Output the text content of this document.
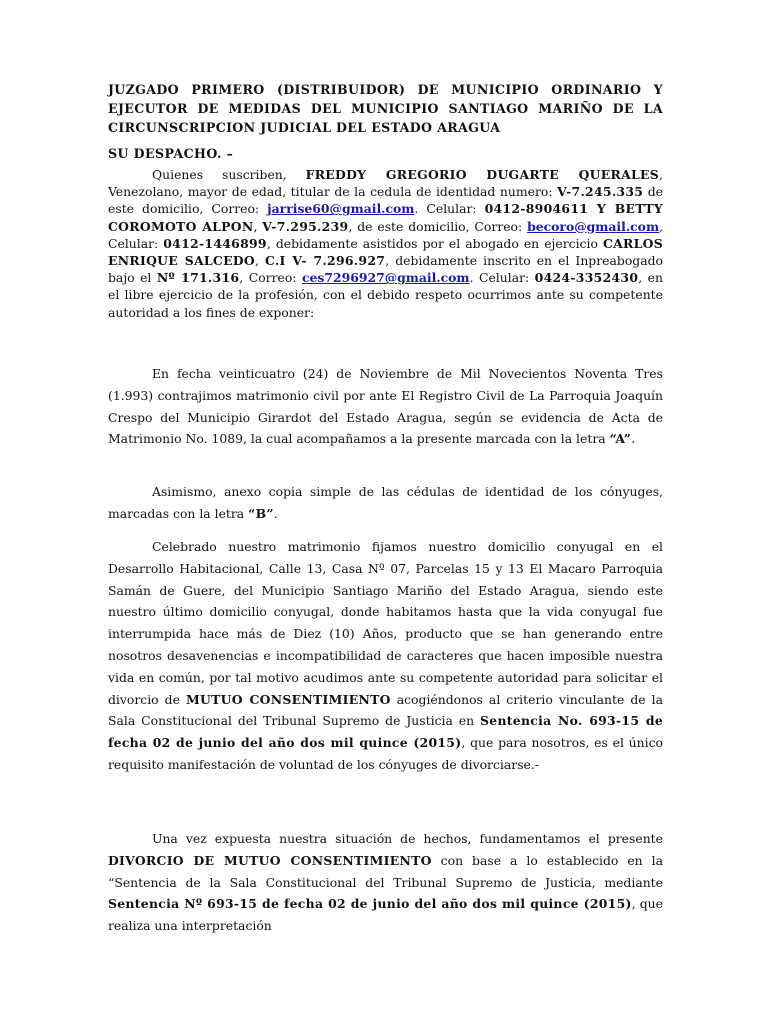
JUZGADO PRIMERO (DISTRIBUIDOR) DE MUNICIPIO ORDINARIO Y EJECUTOR DE MEDIDAS DEL MUNICIPIO SANTIAGO MARIÑO DE LA
CIRCUNSCRIPCION JUDICIAL DEL ESTADO ARAGUA

SU DESPACHO. –

Quienes suscriben, FREDDY GREGORIO DUGARTE QUERALES, Venezolano, mayor de edad, titular de la cedula de identidad numero: V-7.245.335 de este domicilio, Correo: jarrise60@gmail.com. Celular: 0412-8904611 Y BETTY COROMOTO ALPON, V-7.295.239, de este domicilio, Correo: becoro@gmail.com, Celular: 0412-1446899, debidamente asistidos por el abogado en ejercicio CARLOS ENRIQUE SALCEDO, C.I V- 7.296.927, debidamente inscrito en el Inpreabogado bajo el Nº 171.316, Correo: ces7296927@gmail.com. Celular: 0424-3352430, en el libre ejercicio de la profesión, con el debido respeto ocurrimos ante su competente autoridad a los fines de exponer:

En fecha veinticuatro (24) de Noviembre de Mil Novecientos Noventa Tres (1.993) contrajimos matrimonio civil por ante El Registro Civil de La Parroquia Joaquín Crespo del Municipio Girardot del Estado Aragua, según se evidencia de Acta de Matrimonio No. 1089, la cual acompañamos a la presente marcada con la letra “A”.

Asimismo, anexo copia simple de las cédulas de identidad de los cónyuges, marcadas con la letra “B”.

Celebrado nuestro matrimonio fijamos nuestro domicilio conyugal en el Desarrollo Habitacional, Calle 13, Casa Nº 07, Parcelas 15 y 13 El Macaro Parroquia Samán de Guere, del Municipio Santiago Mariño del Estado Aragua, siendo este nuestro último domicilio conyugal, donde habitamos hasta que la vida conyugal fue interrumpida hace más de Diez (10) Años, producto que se han generando entre nosotros desavenencias e incompatibilidad de caracteres que hacen imposible nuestra vida en común, por tal motivo acudimos ante su competente autoridad para solicitar el divorcio de MUTUO CONSENTIMIENTO acogiéndonos al criterio vinculante de la Sala Constitucional del Tribunal Supremo de Justicia en Sentencia No. 693-15 de fecha 02 de junio del año dos mil quince (2015), que para nosotros, es el único requisito manifestación de voluntad de los cónyuges de divorciarse.-

Una vez expuesta nuestra situación de hechos, fundamentamos el presente DIVORCIO DE MUTUO CONSENTIMIENTO con base a lo establecido en la “Sentencia de la Sala Constitucional del Tribunal Supremo de Justicia, mediante Sentencia Nº 693-15 de fecha 02 de junio del año dos mil quince (2015), que realiza una interpretación
